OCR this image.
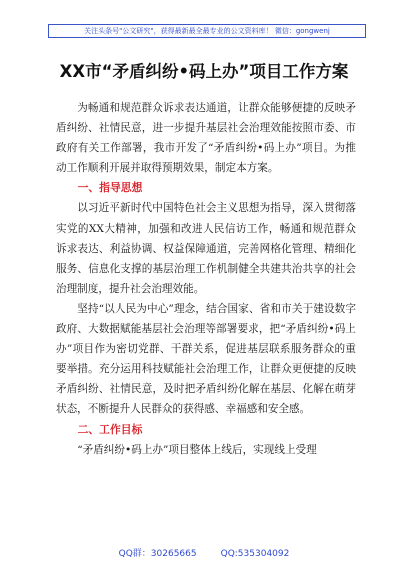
关注头条号"公文研究"，获得最新最全最专业的公文资料库！ 微信：gongwenj
XX市“矛盾纠纷•码上办”项目工作方案

为畅通和规范群众诉求表达通道，让群众能够便捷的反映矛盾纠纷、社情民意，进一步提升基层社会治理效能按照市委、市政府有关工作部署，我市开发了“矛盾纠纷•码上办”项目。为推动工作顺利开展并取得预期效果，制定本方案。

一、指导思想

以习近平新时代中国特色社会主义思想为指导，深入贯彻落实党的XX大精神，加强和改进人民信访工作，畅通和规范群众诉求表达、利益协调、权益保障通道，完善网格化管理、精细化服务、信息化支撑的基层治理工作机制健全共建共治共享的社会治理制度，提升社会治理效能。

坚持“以人民为中心”理念，结合国家、省和市关于建设数字政府、大数据赋能基层社会治理等部署要求，把“矛盾纠纷•码上办”项目作为密切党群、干群关系，促进基层联系服务群众的重要举措。充分运用科技赋能社会治理工作，让群众更便捷的反映矛盾纠纷、社情民意，及时把矛盾纠纷化解在基层、化解在萌芽状态，不断提升人民群众的获得感、幸福感和安全感。

二、工作目标

“矛盾纠纷•码上办”项目整体上线后，实现线上受理

QQ群：30265665	QQ:535304092
